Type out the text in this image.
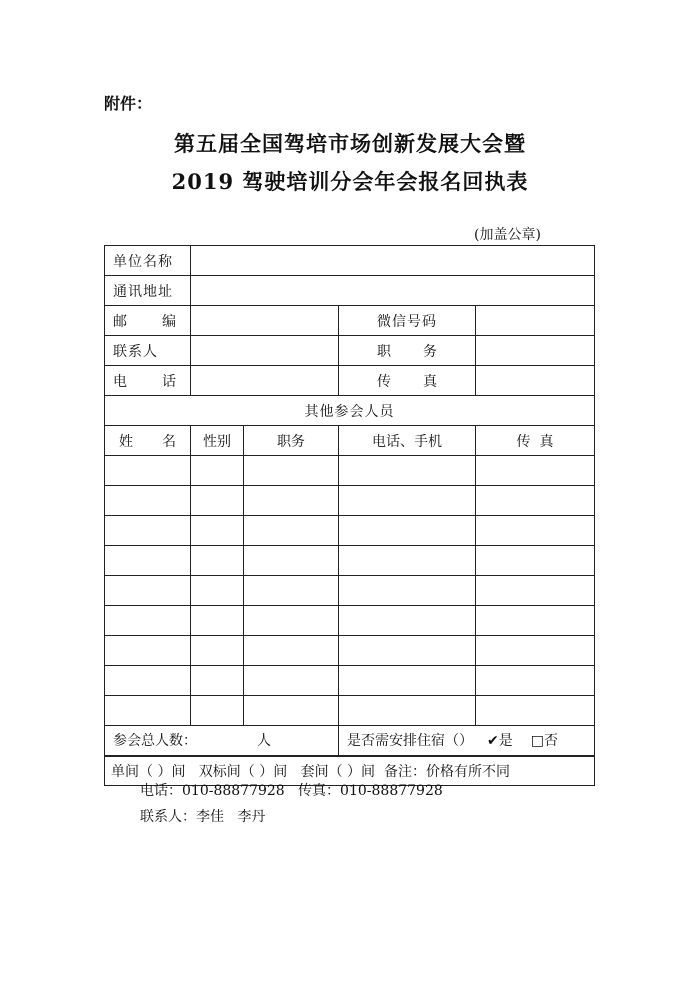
附件：
第五届全国驾培市场创新发展大会暨
2019 驾驶培训分会年会报名回执表
(加盖公章)
单位名称				
通讯地址				

邮 编			微信号码	
联系人			职 务	

电 话			传 真	

其他参会人员				

姓 名	性别	职务	电话、手机	传  真

参会总人数： 人			是否需安排住宿（） ✔是 □否	
单间（ ）间   双标间（ ）间   套间（ ）间  备注：价格有所不同				
电话：010-88877928   传真：010-88877928
联系人：李佳   李丹
